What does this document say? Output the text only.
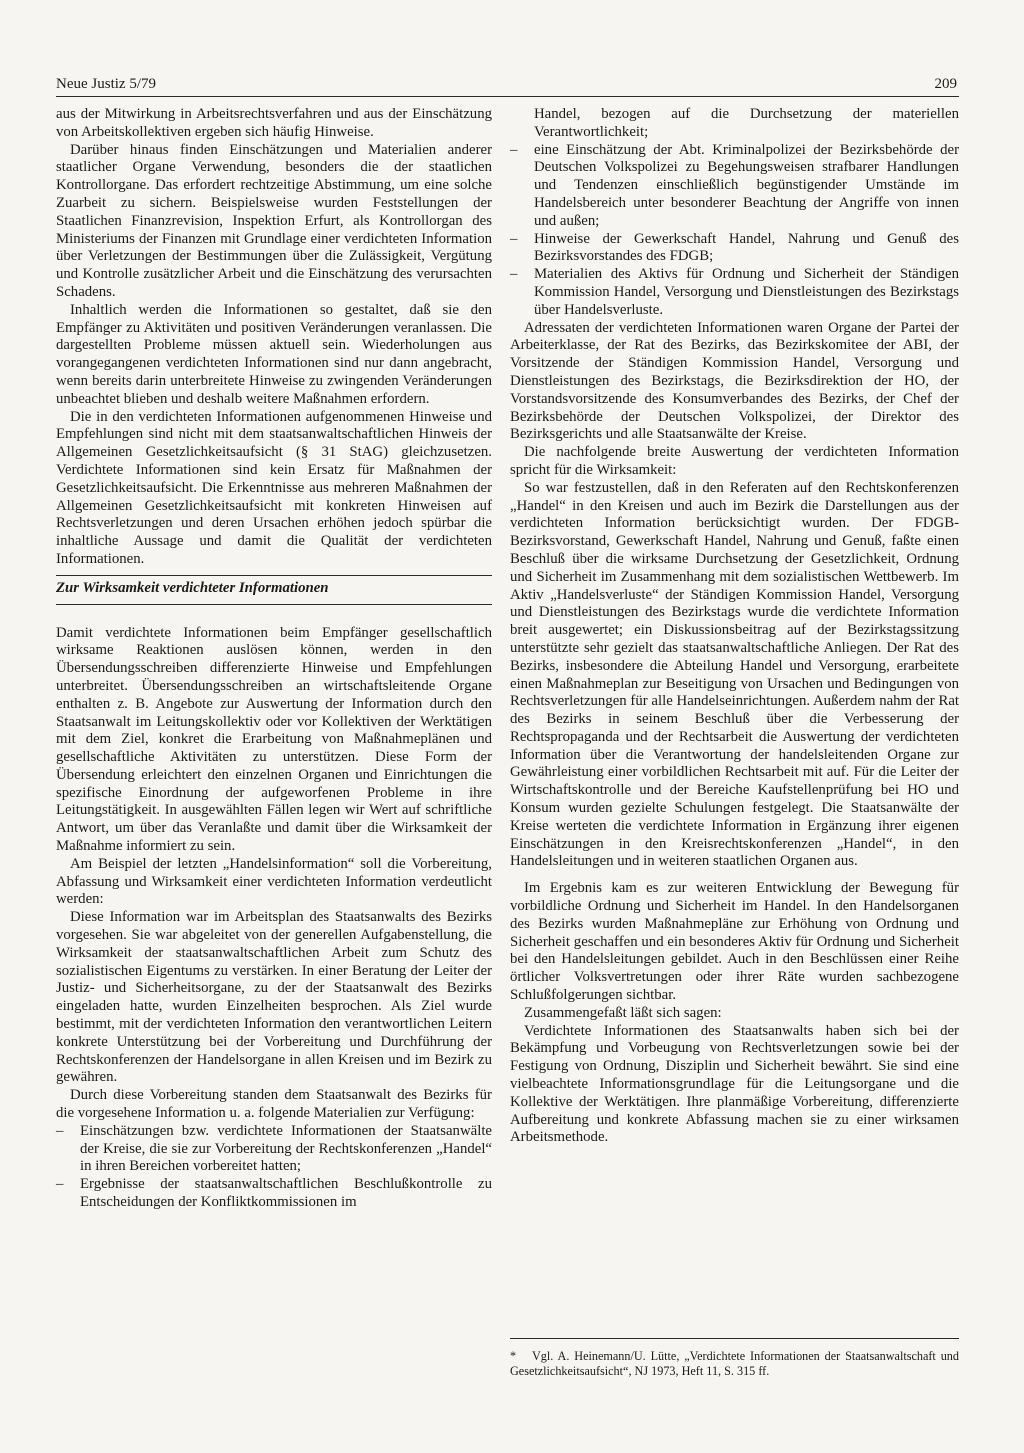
Neue Justiz 5/79	209

aus der Mitwirkung in Arbeitsrechtsverfahren und aus der Einschätzung von Arbeitskollektiven ergeben sich häufig Hinweise.

Darüber hinaus finden Einschätzungen und Materialien anderer staatlicher Organe Verwendung, besonders die der staatlichen Kontrollorgane. Das erfordert rechtzeitige Abstimmung, um eine solche Zuarbeit zu sichern. Beispielsweise wurden Feststellungen der Staatlichen Finanzrevision, Inspektion Erfurt, als Kontrollorgan des Ministeriums der Finanzen mit Grundlage einer verdichteten Information über Verletzungen der Bestimmungen über die Zulässigkeit, Vergütung und Kontrolle zusätzlicher Arbeit und die Einschätzung des verursachten Schadens.

Inhaltlich werden die Informationen so gestaltet, daß sie den Empfänger zu Aktivitäten und positiven Veränderungen veranlassen. Die dargestellten Probleme müssen aktuell sein. Wiederholungen aus vorangegangenen verdichteten Informationen sind nur dann angebracht, wenn bereits darin unterbreitete Hinweise zu zwingenden Veränderungen unbeachtet blieben und deshalb weitere Maßnahmen erfordern.

Die in den verdichteten Informationen aufgenommenen Hinweise und Empfehlungen sind nicht mit dem staatsanwaltschaftlichen Hinweis der Allgemeinen Gesetzlichkeitsaufsicht (§ 31 StAG) gleichzusetzen. Verdichtete Informationen sind kein Ersatz für Maßnahmen der Gesetzlichkeitsaufsicht. Die Erkenntnisse aus mehreren Maßnahmen der Allgemeinen Gesetzlichkeitsaufsicht mit konkreten Hinweisen auf Rechtsverletzungen und deren Ursachen erhöhen jedoch spürbar die inhaltliche Aussage und damit die Qualität der verdichteten Informationen.

Zur Wirksamkeit verdichteter Informationen

Damit verdichtete Informationen beim Empfänger gesellschaftlich wirksame Reaktionen auslösen können, werden in den Übersendungsschreiben differenzierte Hinweise und Empfehlungen unterbreitet. Übersendungsschreiben an wirtschaftsleitende Organe enthalten z. B. Angebote zur Auswertung der Information durch den Staatsanwalt im Leitungskollektiv oder vor Kollektiven der Werktätigen mit dem Ziel, konkret die Erarbeitung von Maßnahmeplänen und gesellschaftliche Aktivitäten zu unterstützen. Diese Form der Übersendung erleichtert den einzelnen Organen und Einrichtungen die spezifische Einordnung der aufgeworfenen Probleme in ihre Leitungstätigkeit. In ausgewählten Fällen legen wir Wert auf schriftliche Antwort, um über das Veranlaßte und damit über die Wirksamkeit der Maßnahme informiert zu sein.

Am Beispiel der letzten „Handelsinformation“ soll die Vorbereitung, Abfassung und Wirksamkeit einer verdichteten Information verdeutlicht werden:

Diese Information war im Arbeitsplan des Staatsanwalts des Bezirks vorgesehen. Sie war abgeleitet von der generellen Aufgabenstellung, die Wirksamkeit der staatsanwaltschaftlichen Arbeit zum Schutz des sozialistischen Eigentums zu verstärken. In einer Beratung der Leiter der Justiz- und Sicherheitsorgane, zu der der Staatsanwalt des Bezirks eingeladen hatte, wurden Einzelheiten besprochen. Als Ziel wurde bestimmt, mit der verdichteten Information den verantwortlichen Leitern konkrete Unterstützung bei der Vorbereitung und Durchführung der Rechtskonferenzen der Handelsorgane in allen Kreisen und im Bezirk zu gewähren.

Durch diese Vorbereitung standen dem Staatsanwalt des Bezirks für die vorgesehene Information u. a. folgende Materialien zur Verfügung:

– Einschätzungen bzw. verdichtete Informationen der Staatsanwälte der Kreise, die sie zur Vorbereitung der Rechtskonferenzen „Handel“ in ihren Bereichen vorbereitet hatten;
– Ergebnisse der staatsanwaltschaftlichen Beschlußkontrolle zu Entscheidungen der Konfliktkommissionen im

Handel, bezogen auf die Durchsetzung der materiellen Verantwortlichkeit;

– eine Einschätzung der Abt. Kriminalpolizei der Bezirksbehörde der Deutschen Volkspolizei zu Begehungsweisen strafbarer Handlungen und Tendenzen einschließlich begünstigender Umstände im Handelsbereich unter besonderer Beachtung der Angriffe von innen und außen;
– Hinweise der Gewerkschaft Handel, Nahrung und Genuß des Bezirksvorstandes des FDGB;
– Materialien des Aktivs für Ordnung und Sicherheit der Ständigen Kommission Handel, Versorgung und Dienstleistungen des Bezirkstags über Handelsverluste.

Adressaten der verdichteten Informationen waren Organe der Partei der Arbeiterklasse, der Rat des Bezirks, das Bezirkskomitee der ABI, der Vorsitzende der Ständigen Kommission Handel, Versorgung und Dienstleistungen des Bezirkstags, die Bezirksdirektion der HO, der Vorstandsvorsitzende des Konsumverbandes des Bezirks, der Chef der Bezirksbehörde der Deutschen Volkspolizei, der Direktor des Bezirksgerichts und alle Staatsanwälte der Kreise.

Die nachfolgende breite Auswertung der verdichteten Information spricht für die Wirksamkeit:

So war festzustellen, daß in den Referaten auf den Rechtskonferenzen „Handel“ in den Kreisen und auch im Bezirk die Darstellungen aus der verdichteten Information berücksichtigt wurden. Der FDGB-Bezirksvorstand, Gewerkschaft Handel, Nahrung und Genuß, faßte einen Beschluß über die wirksame Durchsetzung der Gesetzlichkeit, Ordnung und Sicherheit im Zusammenhang mit dem sozialistischen Wettbewerb. Im Aktiv „Handelsverluste“ der Ständigen Kommission Handel, Versorgung und Dienstleistungen des Bezirkstags wurde die verdichtete Information breit ausgewertet; ein Diskussionsbeitrag auf der Bezirkstagssitzung unterstützte sehr gezielt das staatsanwaltschaftliche Anliegen. Der Rat des Bezirks, insbesondere die Abteilung Handel und Versorgung, erarbeitete einen Maßnahmeplan zur Beseitigung von Ursachen und Bedingungen von Rechtsverletzungen für alle Handelseinrichtungen. Außerdem nahm der Rat des Bezirks in seinem Beschluß über die Verbesserung der Rechtspropaganda und der Rechtsarbeit die Auswertung der verdichteten Information über die Verantwortung der handelsleitenden Organe zur Gewährleistung einer vorbildlichen Rechtsarbeit mit auf. Für die Leiter der Wirtschaftskontrolle und der Bereiche Kaufstellenprüfung bei HO und Konsum wurden gezielte Schulungen festgelegt. Die Staatsanwälte der Kreise werteten die verdichtete Information in Ergänzung ihrer eigenen Einschätzungen in den Kreisrechtskonferenzen „Handel“, in den Handelsleitungen und in weiteren staatlichen Organen aus.

Im Ergebnis kam es zur weiteren Entwicklung der Bewegung für vorbildliche Ordnung und Sicherheit im Handel. In den Handelsorganen des Bezirks wurden Maßnahmepläne zur Erhöhung von Ordnung und Sicherheit geschaffen und ein besonderes Aktiv für Ordnung und Sicherheit bei den Handelsleitungen gebildet. Auch in den Beschlüssen einer Reihe örtlicher Volksvertretungen oder ihrer Räte wurden sachbezogene Schlußfolgerungen sichtbar.

Zusammengefaßt läßt sich sagen:

Verdichtete Informationen des Staatsanwalts haben sich bei der Bekämpfung und Vorbeugung von Rechtsverletzungen sowie bei der Festigung von Ordnung, Disziplin und Sicherheit bewährt. Sie sind eine vielbeachtete Informationsgrundlage für die Leitungsorgane und die Kollektive der Werktätigen. Ihre planmäßige Vorbereitung, differenzierte Aufbereitung und konkrete Abfassung machen sie zu einer wirksamen Arbeitsmethode.

* Vgl. A. Heinemann/U. Lütte, „Verdichtete Informationen der Staatsanwaltschaft und Gesetzlichkeitsaufsicht“, NJ 1973, Heft 11, S. 315 ff.
